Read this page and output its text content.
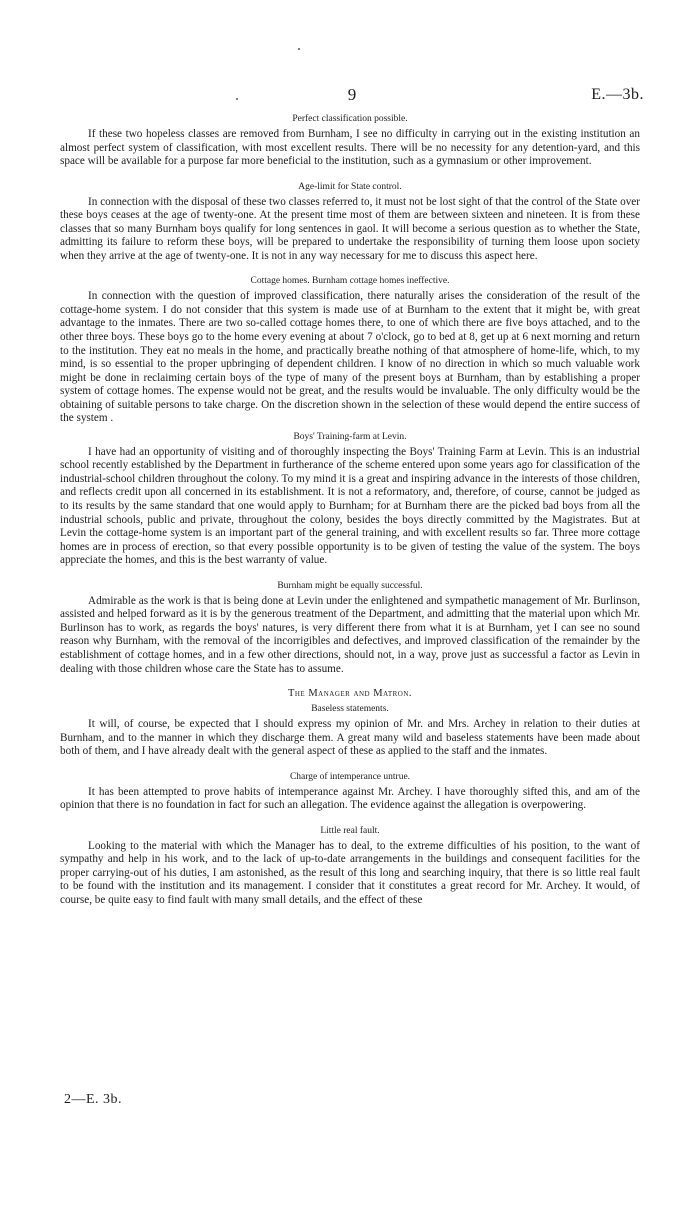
9	E.—3b.
Perfect classification possible.

If these two hopeless classes are removed from Burnham, I see no difficulty in carrying out in the existing institution an almost perfect system of classification, with most excellent results. There will be no necessity for any detention-yard, and this space will be available for a purpose far more beneficial to the institution, such as a gymnasium or other improvement.

Age-limit for State control.

In connection with the disposal of these two classes referred to, it must not be lost sight of that the control of the State over these boys ceases at the age of twenty-one. At the present time most of them are between sixteen and nineteen. It is from these classes that so many Burnham boys qualify for long sentences in gaol. It will become a serious question as to whether the State, admitting its failure to reform these boys, will be prepared to undertake the responsibility of turning them loose upon society when they arrive at the age of twenty-one. It is not in any way necessary for me to discuss this aspect here.

Cottage homes. Burnham cottage homes ineffective.

In connection with the question of improved classification, there naturally arises the consideration of the result of the cottage-home system. I do not consider that this system is made use of at Burnham to the extent that it might be, with great advantage to the inmates. There are two so-called cottage homes there, to one of which there are five boys attached, and to the other three boys. These boys go to the home every evening at about 7 o'clock, go to bed at 8, get up at 6 next morning and return to the institution. They eat no meals in the home, and practically breathe nothing of that atmosphere of home-life, which, to my mind, is so essential to the proper upbringing of dependent children. I know of no direction in which so much valuable work might be done in reclaiming certain boys of the type of many of the present boys at Burnham, than by establishing a proper system of cottage homes. The expense would not be great, and the results would be invaluable. The only difficulty would be the obtaining of suitable persons to take charge. On the discretion shown in the selection of these would depend the entire success of the system .

Boys' Training-farm at Levin.

I have had an opportunity of visiting and of thoroughly inspecting the Boys' Training Farm at Levin. This is an industrial school recently established by the Department in furtherance of the scheme entered upon some years ago for classification of the industrial-school children throughout the colony. To my mind it is a great and inspiring advance in the interests of those children, and reflects credit upon all concerned in its establishment. It is not a reformatory, and, therefore, of course, cannot be judged as to its results by the same standard that one would apply to Burnham; for at Burnham there are the picked bad boys from all the industrial schools, public and private, throughout the colony, besides the boys directly committed by the Magistrates. But at Levin the cottage-home system is an important part of the general training, and with excellent results so far. Three more cottage homes are in process of erection, so that every possible opportunity is to be given of testing the value of the system. The boys appreciate the homes, and this is the best warranty of value.

Burnham might be equally successful.

Admirable as the work is that is being done at Levin under the enlightened and sympathetic management of Mr. Burlinson, assisted and helped forward as it is by the generous treatment of the Department, and admitting that the material upon which Mr. Burlinson has to work, as regards the boys' natures, is very different there from what it is at Burnham, yet I can see no sound reason why Burnham, with the removal of the incorrigibles and defectives, and improved classification of the remainder by the establishment of cottage homes, and in a few other directions, should not, in a way, prove just as successful a factor as Levin in dealing with those children whose care the State has to assume.

The Manager and Matron.
Baseless statements.

It will, of course, be expected that I should express my opinion of Mr. and Mrs. Archey in relation to their duties at Burnham, and to the manner in which they discharge them. A great many wild and baseless statements have been made about both of them, and I have already dealt with the general aspect of these as applied to the staff and the inmates.

Charge of intemperance untrue.

It has been attempted to prove habits of intemperance against Mr. Archey. I have thoroughly sifted this, and am of the opinion that there is no foundation in fact for such an allegation. The evidence against the allegation is overpowering.

Little real fault.

Looking to the material with which the Manager has to deal, to the extreme difficulties of his position, to the want of sympathy and help in his work, and to the lack of up-to-date arrangements in the buildings and consequent facilities for the proper carrying-out of his duties, I am astonished, as the result of this long and searching inquiry, that there is so little real fault to be found with the institution and its management. I consider that it constitutes a great record for Mr. Archey. It would, of course, be quite easy to find fault with many small details, and the effect of these

2—E. 3b.
